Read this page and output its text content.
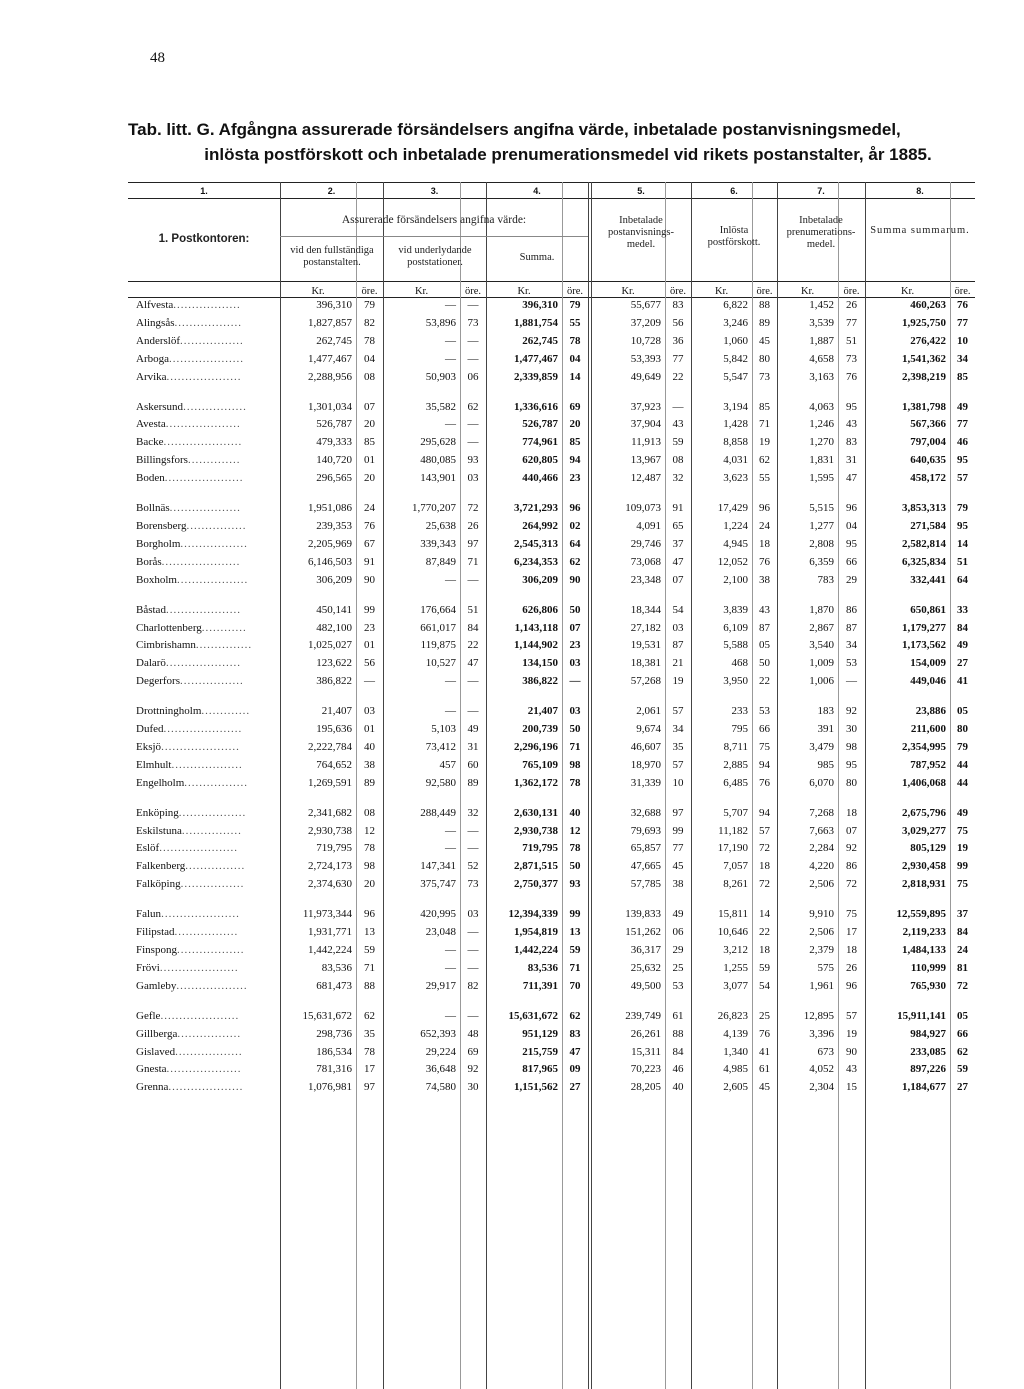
48
Tab. litt. G. Afgångna assurerade försändelsers angifna värde, inbetalade postanvisningsmedel,
inlösta postförskott och inbetalade prenumerationsmedel vid rikets postanstalter, år 1885.
1.	2.	3.	4.	5.	6.	7.	8.
1. Postkontoren:
Assurerade försändelsers angifna värde:
vid den fullständiga postanstalten.
vid underlydande poststationer.	Summa.
Inbetalade postanvisnings-medel.
Inlösta postförskott.
Inbetalade prenumerations-medel.
Summa summarum.
Kr.	öre.	Kr.	öre.	Kr.	öre.	Kr.	öre.	Kr.	öre.	Kr.	öre.	Kr.	öre.
Alfvesta..................	396,310	79	—	—	396,310	79		55,677	83	6,822	88	1,452	26	460,263	76
Alingsås..................	1,827,857	82	53,896	73	1,881,754	55		37,209	56	3,246	89	3,539	77	1,925,750	77
Anderslöf.................	262,745	78	—	—	262,745	78		10,728	36	1,060	45	1,887	51	276,422	10
Arboga....................	1,477,467	04	—	—	1,477,467	04		53,393	77	5,842	80	4,658	73	1,541,362	34
Arvika....................	2,288,956	08	50,903	06	2,339,859	14		49,649	22	5,547	73	3,163	76	2,398,219	85

Askersund.................	1,301,034	07	35,582	62	1,336,616	69		37,923	—	3,194	85	4,063	95	1,381,798	49
Avesta....................	526,787	20	—	—	526,787	20		37,904	43	1,428	71	1,246	43	567,366	77
Backe.....................	479,333	85	295,628	—	774,961	85		11,913	59	8,858	19	1,270	83	797,004	46
Billingsfors..............	140,720	01	480,085	93	620,805	94		13,967	08	4,031	62	1,831	31	640,635	95
Boden.....................	296,565	20	143,901	03	440,466	23		12,487	32	3,623	55	1,595	47	458,172	57

Bollnäs...................	1,951,086	24	1,770,207	72	3,721,293	96		109,073	91	17,429	96	5,515	96	3,853,313	79
Borensberg................	239,353	76	25,638	26	264,992	02		4,091	65	1,224	24	1,277	04	271,584	95
Borgholm..................	2,205,969	67	339,343	97	2,545,313	64		29,746	37	4,945	18	2,808	95	2,582,814	14
Borås.....................	6,146,503	91	87,849	71	6,234,353	62		73,068	47	12,052	76	6,359	66	6,325,834	51
Boxholm...................	306,209	90	—	—	306,209	90		23,348	07	2,100	38	783	29	332,441	64

Båstad....................	450,141	99	176,664	51	626,806	50		18,344	54	3,839	43	1,870	86	650,861	33
Charlottenberg............	482,100	23	661,017	84	1,143,118	07		27,182	03	6,109	87	2,867	87	1,179,277	84
Cimbrishamn...............	1,025,027	01	119,875	22	1,144,902	23		19,531	87	5,588	05	3,540	34	1,173,562	49
Dalarö....................	123,622	56	10,527	47	134,150	03		18,381	21	468	50	1,009	53	154,009	27
Degerfors.................	386,822	—	—	—	386,822	—		57,268	19	3,950	22	1,006	—	449,046	41

Drottningholm.............	21,407	03	—	—	21,407	03		2,061	57	233	53	183	92	23,886	05
Dufed.....................	195,636	01	5,103	49	200,739	50		9,674	34	795	66	391	30	211,600	80
Eksjö.....................	2,222,784	40	73,412	31	2,296,196	71		46,607	35	8,711	75	3,479	98	2,354,995	79
Elmhult...................	764,652	38	457	60	765,109	98		18,970	57	2,885	94	985	95	787,952	44
Engelholm.................	1,269,591	89	92,580	89	1,362,172	78		31,339	10	6,485	76	6,070	80	1,406,068	44

Enköping..................	2,341,682	08	288,449	32	2,630,131	40		32,688	97	5,707	94	7,268	18	2,675,796	49
Eskilstuna................	2,930,738	12	—	—	2,930,738	12		79,693	99	11,182	57	7,663	07	3,029,277	75
Eslöf.....................	719,795	78	—	—	719,795	78		65,857	77	17,190	72	2,284	92	805,129	19
Falkenberg................	2,724,173	98	147,341	52	2,871,515	50		47,665	45	7,057	18	4,220	86	2,930,458	99
Falköping.................	2,374,630	20	375,747	73	2,750,377	93		57,785	38	8,261	72	2,506	72	2,818,931	75

Falun.....................	11,973,344	96	420,995	03	12,394,339	99		139,833	49	15,811	14	9,910	75	12,559,895	37
Filipstad.................	1,931,771	13	23,048	—	1,954,819	13		151,262	06	10,646	22	2,506	17	2,119,233	84
Finspong..................	1,442,224	59	—	—	1,442,224	59		36,317	29	3,212	18	2,379	18	1,484,133	24
Frövi.....................	83,536	71	—	—	83,536	71		25,632	25	1,255	59	575	26	110,999	81
Gamleby...................	681,473	88	29,917	82	711,391	70		49,500	53	3,077	54	1,961	96	765,930	72

Gefle.....................	15,631,672	62	—	—	15,631,672	62		239,749	61	26,823	25	12,895	57	15,911,141	05
Gillberga.................	298,736	35	652,393	48	951,129	83		26,261	88	4,139	76	3,396	19	984,927	66
Gislaved..................	186,534	78	29,224	69	215,759	47		15,311	84	1,340	41	673	90	233,085	62
Gnesta....................	781,316	17	36,648	92	817,965	09		70,223	46	4,985	61	4,052	43	897,226	59
Grenna....................	1,076,981	97	74,580	30	1,151,562	27		28,205	40	2,605	45	2,304	15	1,184,677	27
